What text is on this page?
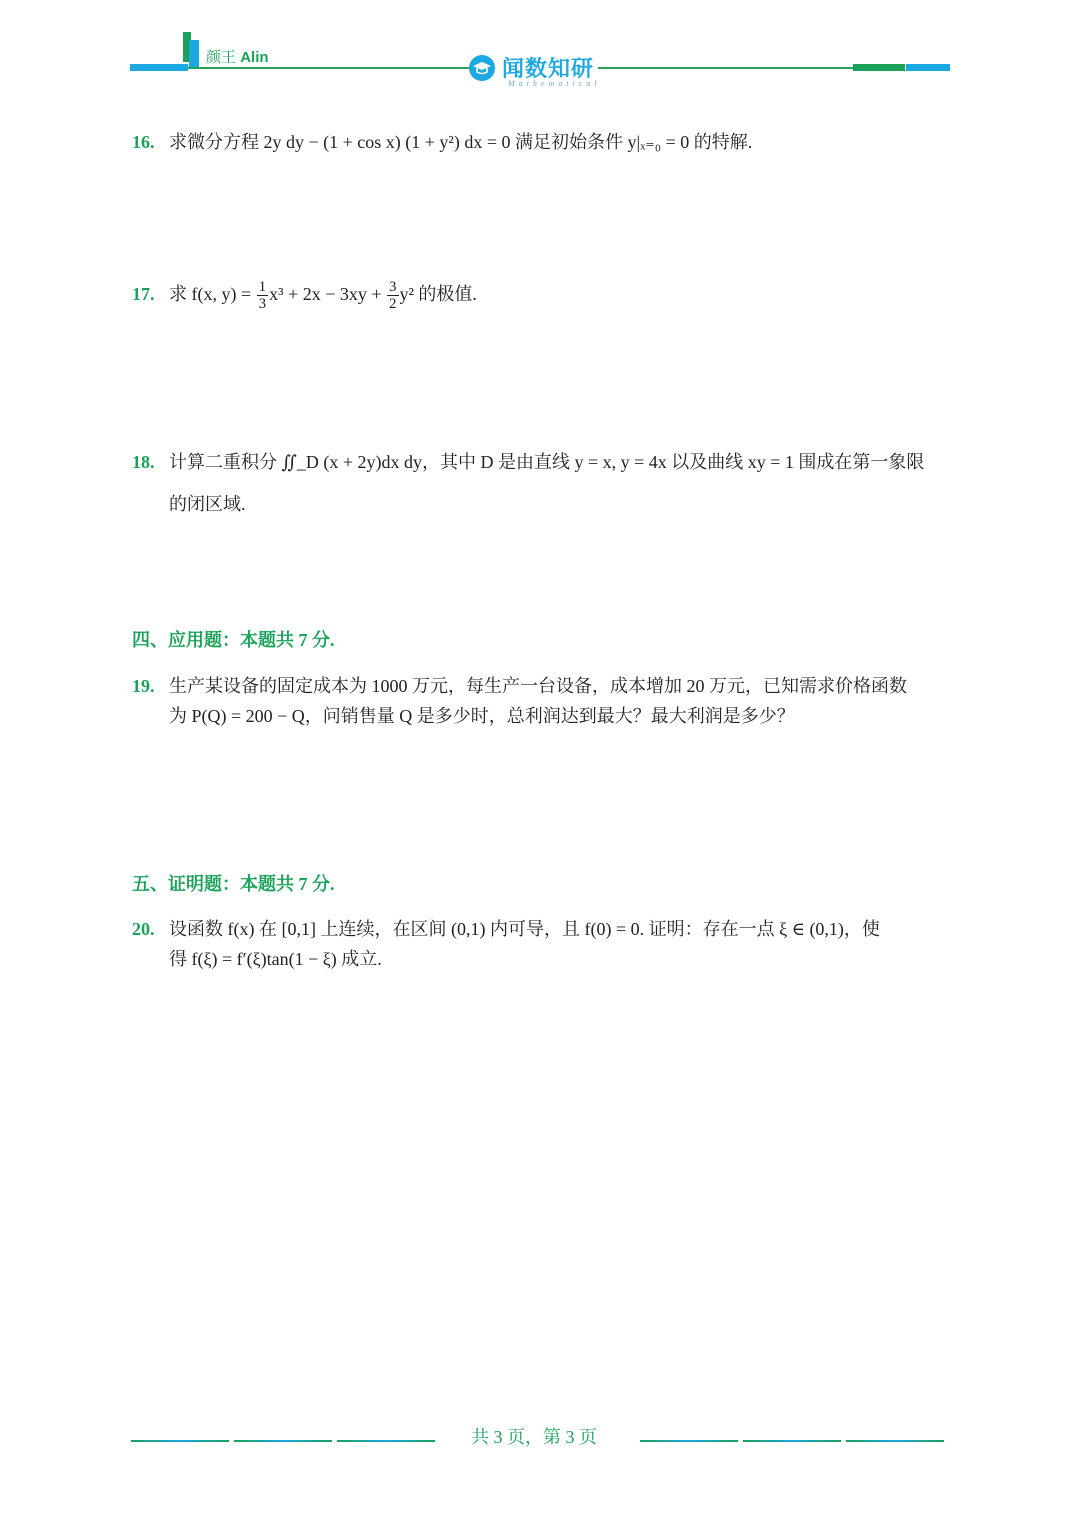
颜王 Alin	闻数知研
Mathematical
16. 求微分方程 2y dy − (1 + cos x) (1 + y²) dx = 0 满足初始条件 y|ₓ₌₀ = 0 的特解.
17. 求 f(x, $y) = \frac{1}{3} x^3 + 2x - 3xy + \frac{3}{2} y^2$ 的极值.
18. 计算二重积分 ∬_D (x + 2y)dx dy，其中 D 是由直线 y = x, y = 4x 以及曲线 xy = 1 围成在第一象限
的闭区域.
四、应用题：本题共 7 分.
19. 生产某设备的固定成本为 1000 万元，每生产一台设备，成本增加 20 万元，已知需求价格函数
为 P(Q) = 200 − Q，问销售量 Q 是多少时，总利润达到最大？最大利润是多少？
五、证明题：本题共 7 分.
20. 设函数 f(x) 在 [0,1] 上连续，在区间 (0,1) 内可导，且 f(0) = 0. 证明：存在一点 ξ ∈ (0,1)，使
得 f(ξ) = f′(ξ)tan(1 − ξ) 成立.
共 3 页，第 3 页
